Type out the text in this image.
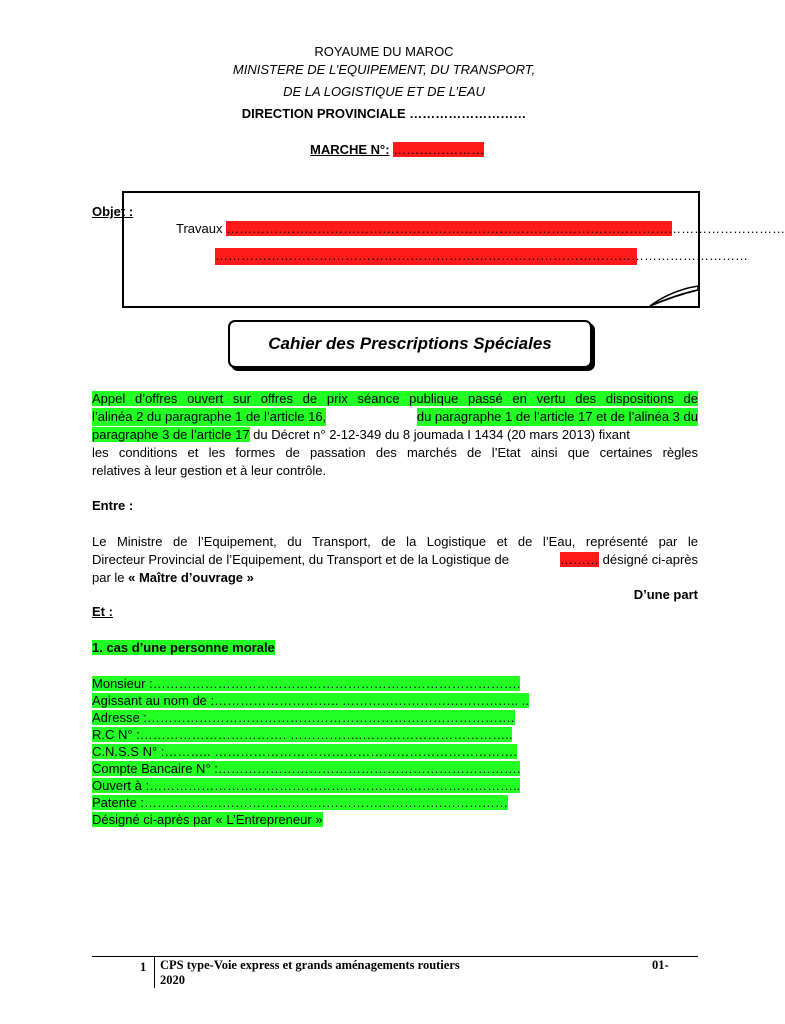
ROYAUME DU MAROC
MINISTERE DE L’EQUIPEMENT, DU TRANSPORT,
DE LA LOGISTIQUE ET DE L’EAU
DIRECTION PROVINCIALE ………………………
MARCHE N°: …………………
Objet :
Travaux …………………………………………………………………………………………………………………
……………………………………………………………………………………………………………
Cahier des Prescriptions Spéciales
Appel d’offres ouvert sur offres de prix séance publique passé en vertu des dispositions de
l’alinéa 2 du paragraphe 1 de l’article 16,	du paragraphe 1 de l’article 17 et de l’alinéa 3 du
paragraphe 3 de l’article 17 du Décret n° 2-12-349 du 8 joumada I 1434 (20 mars 2013) fixant
les conditions et les formes de passation des marchés de l’Etat ainsi que certaines règles
relatives à leur gestion et à leur contrôle.
Entre :
Le Ministre de l’Equipement, du Transport, de la Logistique et de l’Eau, représenté par le
Directeur Provincial de l’Equipement, du Transport et de la Logistique de	……… désigné ci-après
par le « Maître d’ouvrage »
D’une part
Et :
1. cas d’une personne morale
Monsieur :………………………………………………………………………….
Agissant au nom de :……………………….. ………………………………….. ..
Adresse :………………………………………………………………………….
R.C N° :……………………………. ……………..……………………………..
C.N.S.S N° :……….. …………………………………………………………….
Compte Bancaire N° :…………………………………………………………….
Ouvert à :…………………………………………………………………………..
Patente :…………………………………………………………………………
Désigné ci-après par « L’Entrepreneur »
1 CPS type-Voie express et grands aménagements routiers	01-
2020
